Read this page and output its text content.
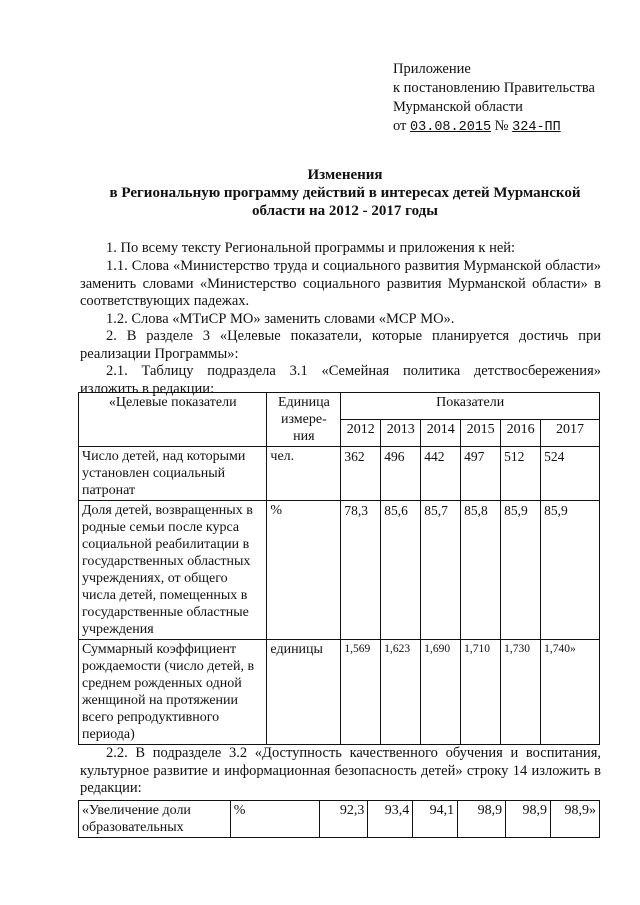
Приложение
к постановлению Правительства
Мурманской области
от 03.08.2015 № 324-ПП
Изменения
в Региональную программу действий в интересах детей Мурманской
области на 2012 - 2017 годы
1. По всему тексту Региональной программы и приложения к ней:
1.1. Слова «Министерство труда и социального развития Мурманской области» заменить словами «Министерство социального развития Мурманской области» в соответствующих падежах.
1.2. Слова «МТиСР МО» заменить словами «МСР МО».
2. В разделе 3 «Целевые показатели, которые планируется достичь при реализации Программы»:
2.1. Таблицу подраздела 3.1 «Семейная политика детствосбережения» изложить в редакции:
«Целевые показатели	Единица измере-ния	Показатели					
		2012	2013	2014	2015	2016	2017
Число детей, над которыми установлен социальный патронат	чел.	362	496	442	497	512	524
Доля детей, возвращенных в родные семьи после курса социальной реабилитации в государственных областных учреждениях, от общего числа детей, помещенных в государственные областные учреждения	%	78,3	85,6	85,7	85,8	85,9	85,9
Суммарный коэффициент рождаемости (число детей, в среднем рожденных одной женщиной на протяжении всего репродуктивного периода)	единицы	1,569	1,623	1,690	1,710	1,730	1,740»
2.2. В подразделе 3.2 «Доступность качественного обучения и воспитания, культурное развитие и информационная безопасность детей» строку 14 изложить в редакции:
«Увеличение доли образовательных	%	92,3	93,4	94,1	98,9	98,9	98,9»
